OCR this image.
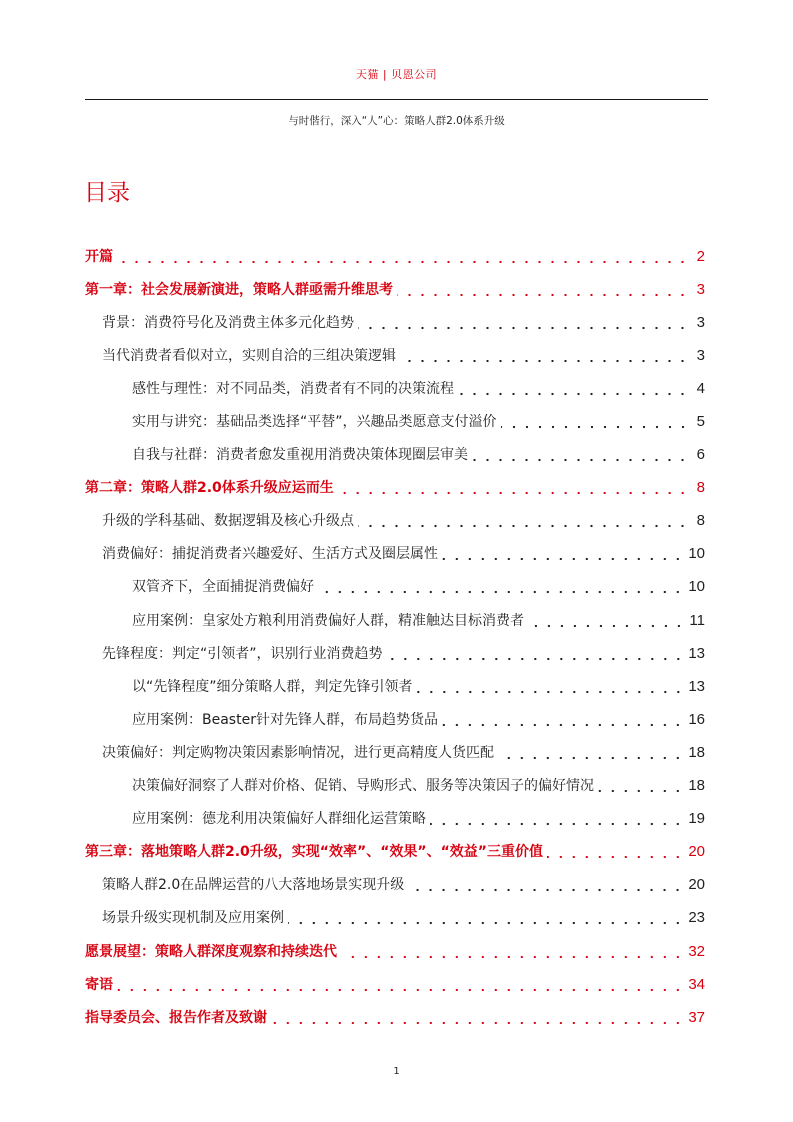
天猫 | 贝恩公司
与时偕行，深入“人”心：策略人群2.0体系升级
目录
开篇	2
第一章：社会发展新演进，策略人群亟需升维思考	3
背景：消费符号化及消费主体多元化趋势	3
当代消费者看似对立，实则自洽的三组决策逻辑	3
感性与理性：对不同品类，消费者有不同的决策流程	4
实用与讲究：基础品类选择“平替”，兴趣品类愿意支付溢价	5
自我与社群：消费者愈发重视用消费决策体现圈层审美	6
第二章：策略人群2.0体系升级应运而生	8
升级的学科基础、数据逻辑及核心升级点	8
消费偏好：捕捉消费者兴趣爱好、生活方式及圈层属性	10
双管齐下，全面捕捉消费偏好	10
应用案例：皇家处方粮利用消费偏好人群，精准触达目标消费者	11
先锋程度：判定“引领者”，识别行业消费趋势	13
以“先锋程度”细分策略人群，判定先锋引领者	13
应用案例：Beaster针对先锋人群，布局趋势货品	16
决策偏好：判定购物决策因素影响情况，进行更高精度人货匹配	18
决策偏好洞察了人群对价格、促销、导购形式、服务等决策因子的偏好情况	18
应用案例：德龙利用决策偏好人群细化运营策略	19
第三章：落地策略人群2.0升级，实现“效率”、“效果”、“效益”三重价值	20
策略人群2.0在品牌运营的八大落地场景实现升级	20
场景升级实现机制及应用案例	23
愿景展望：策略人群深度观察和持续迭代	32
寄语	34
指导委员会、报告作者及致谢	37
1
